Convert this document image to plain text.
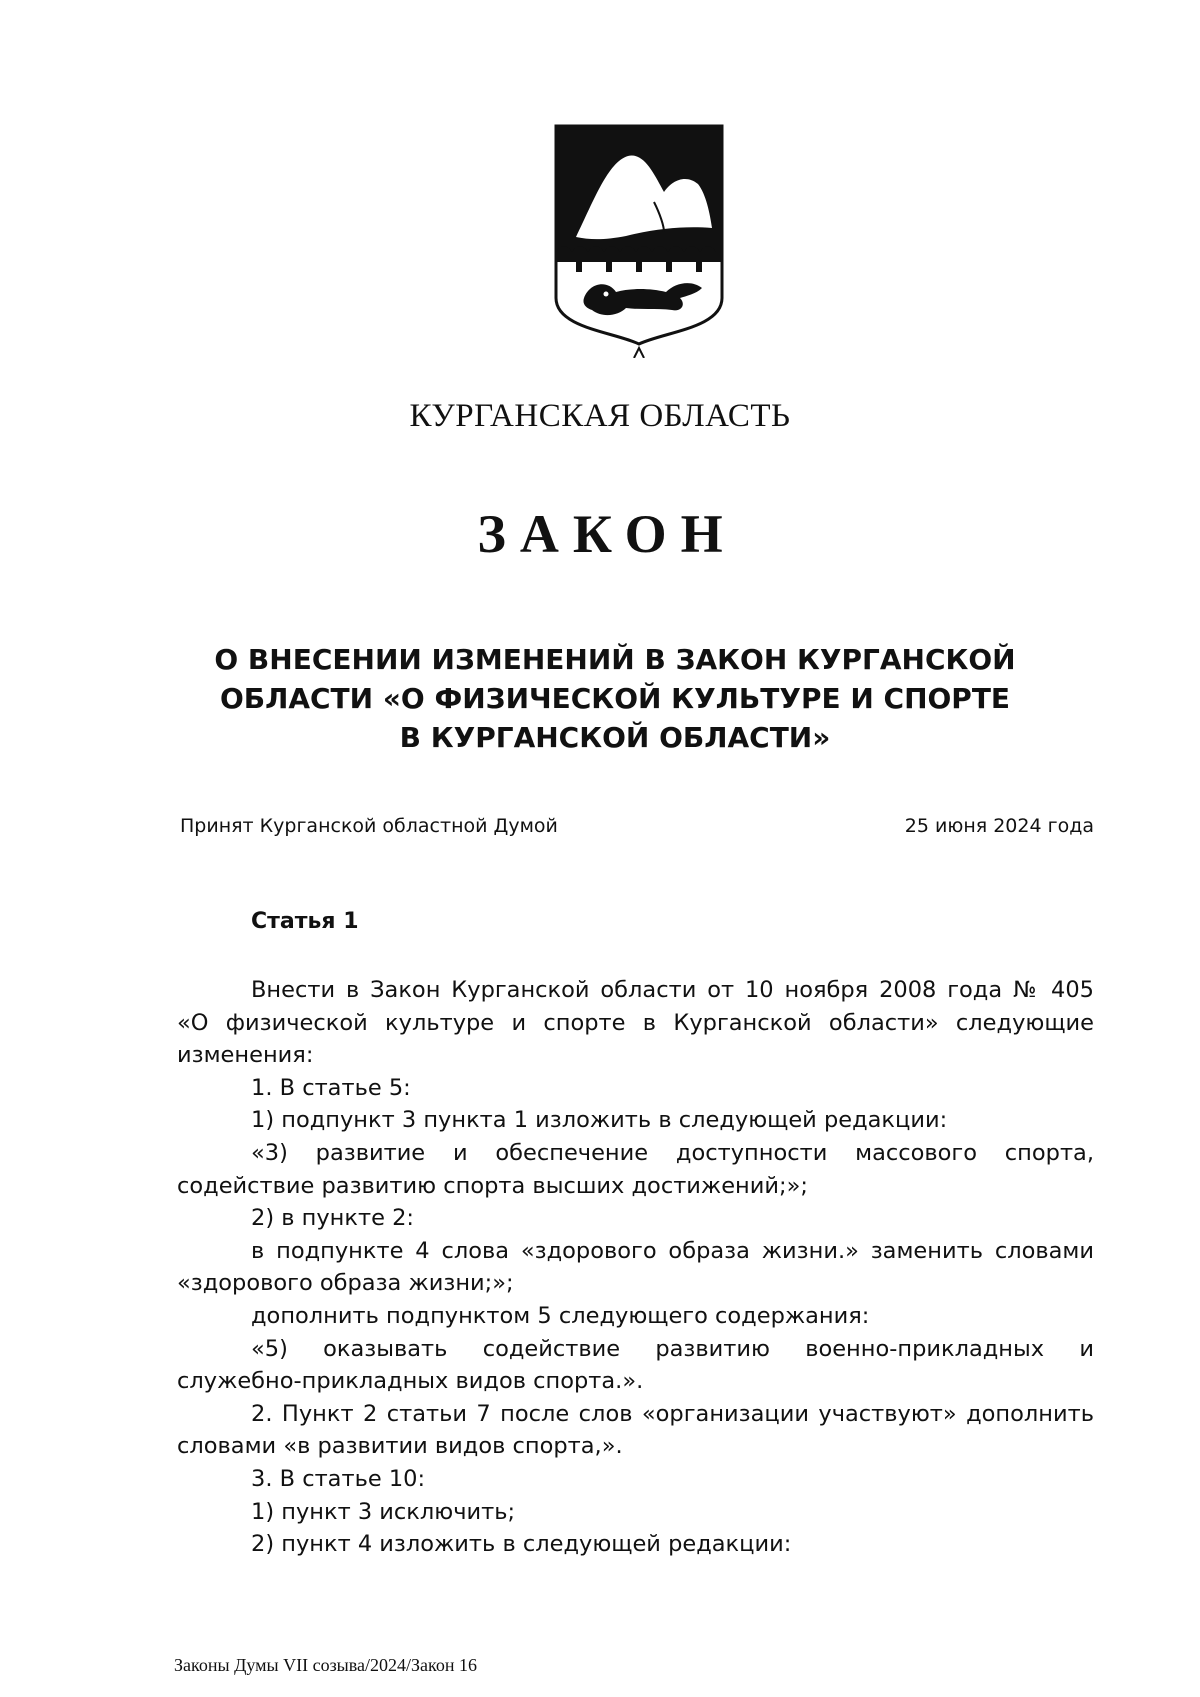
КУРГАНСКАЯ ОБЛАСТЬ
ЗАКОН
О ВНЕСЕНИИ ИЗМЕНЕНИЙ В ЗАКОН КУРГАНСКОЙ
ОБЛАСТИ «О ФИЗИЧЕСКОЙ КУЛЬТУРЕ И СПОРТЕ
В КУРГАНСКОЙ ОБЛАСТИ»
Принят Курганской областной Думой	25 июня 2024 года
Статья 1

Внести в Закон Курганской области от 10 ноября 2008 года № 405

«О физической культуре и спорте в Курганской области» следующие

изменения:

1. В статье 5:

1) подпункт 3 пункта 1 изложить в следующей редакции:

«3) развитие и обеспечение доступности массового спорта,

содействие развитию спорта высших достижений;»;

2) в пункте 2:

в подпункте 4 слова «здорового образа жизни.» заменить словами

«здорового образа жизни;»;

дополнить подпунктом 5 следующего содержания:

«5) оказывать содействие развитию военно-прикладных и

служебно-прикладных видов спорта.».

2. Пункт 2 статьи 7 после слов «организации участвуют» дополнить

словами «в развитии видов спорта,».

3. В статье 10:

1) пункт 3 исключить;

2) пункт 4 изложить в следующей редакции:

Законы Думы VII созыва/2024/Закон 16
